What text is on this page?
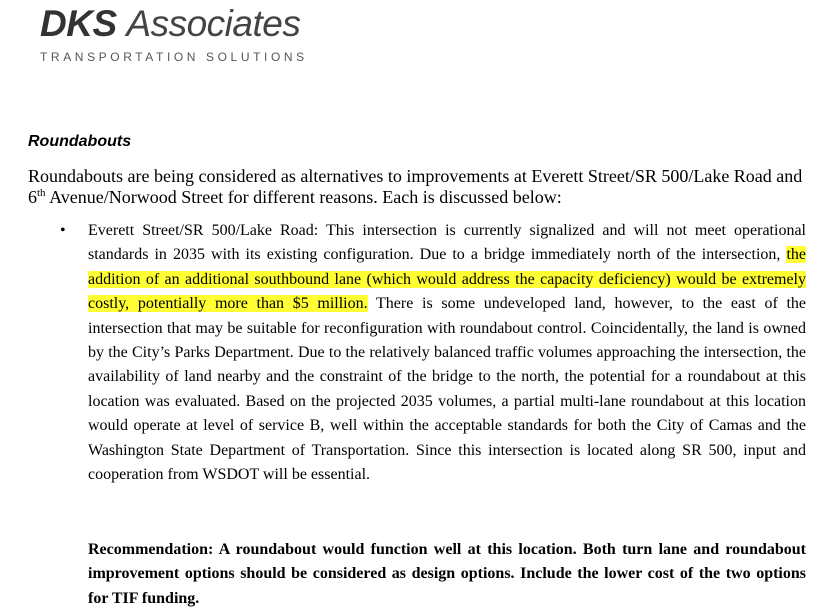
DKS Associates
TRANSPORTATION SOLUTIONS
Roundabouts
Roundabouts are being considered as alternatives to improvements at Everett Street/SR 500/Lake Road and 6th Avenue/Norwood Street for different reasons. Each is discussed below:
• Everett Street/SR 500/Lake Road: This intersection is currently signalized and will not meet operational standards in 2035 with its existing configuration. Due to a bridge immediately north of the intersection, the addition of an additional southbound lane (which would address the capacity deficiency) would be extremely costly, potentially more than $5 million. There is some undeveloped land, however, to the east of the intersection that may be suitable for reconfiguration with roundabout control. Coincidentally, the land is owned by the City’s Parks Department. Due to the relatively balanced traffic volumes approaching the intersection, the availability of land nearby and the constraint of the bridge to the north, the potential for a roundabout at this location was evaluated. Based on the projected 2035 volumes, a partial multi-lane roundabout at this location would operate at level of service B, well within the acceptable standards for both the City of Camas and the Washington State Department of Transportation. Since this intersection is located along SR 500, input and cooperation from WSDOT will be essential.
Recommendation: A roundabout would function well at this location. Both turn lane and roundabout improvement options should be considered as design options. Include the lower cost of the two options for TIF funding.
